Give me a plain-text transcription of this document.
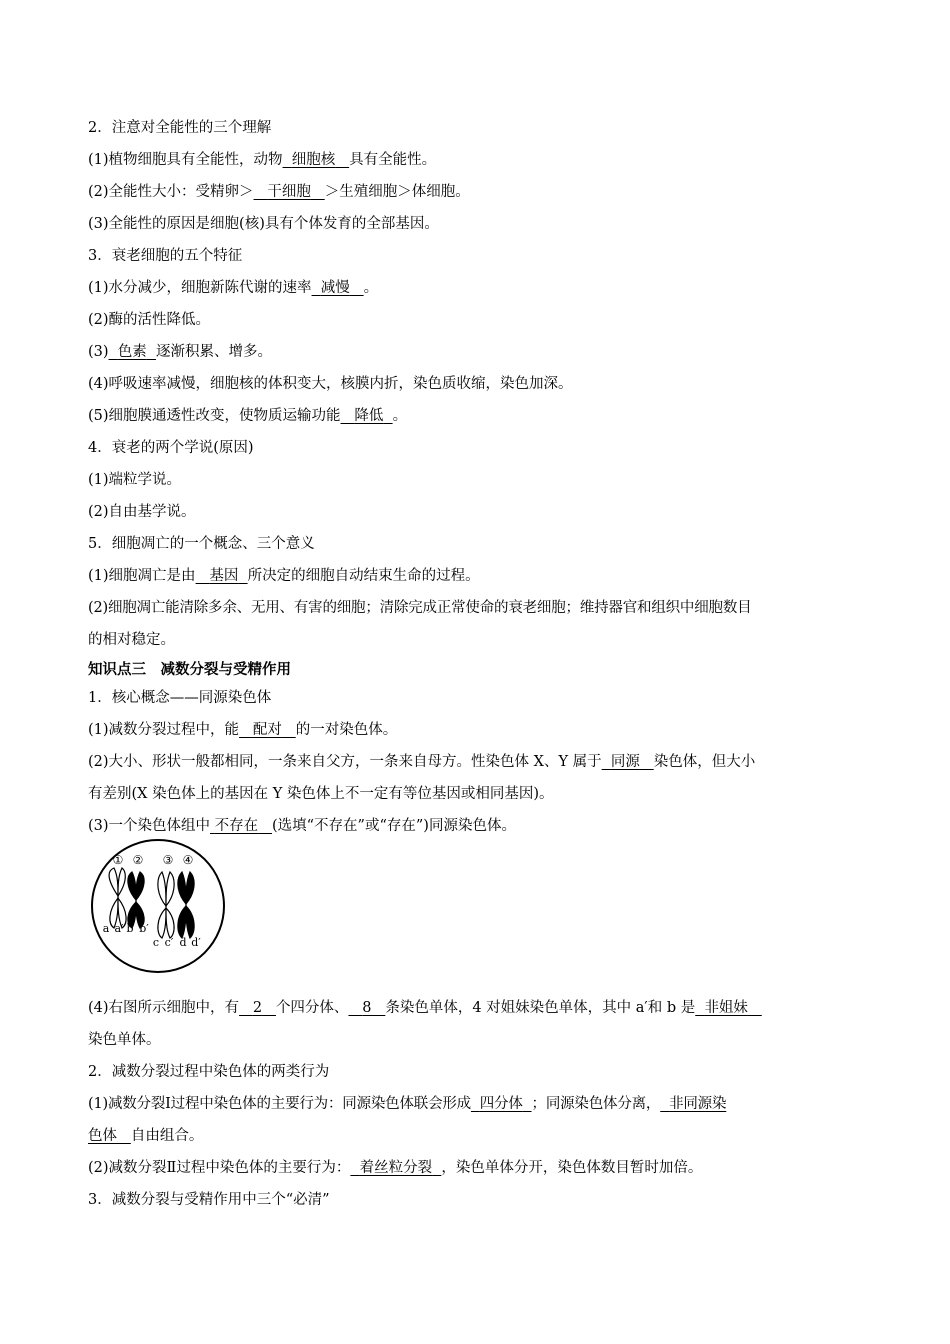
2．注意对全能性的三个理解
(1)植物细胞具有全能性，动物 细胞核 具有全能性。
(2)全能性大小：受精卵＞ 干细胞 ＞生殖细胞＞体细胞。
(3)全能性的原因是细胞(核)具有个体发育的全部基因。
3．衰老细胞的五个特征
(1)水分减少，细胞新陈代谢的速率 减慢 。
(2)酶的活性降低。
(3) 色素 逐渐积累、增多。
(4)呼吸速率减慢，细胞核的体积变大，核膜内折，染色质收缩，染色加深。
(5)细胞膜通透性改变，使物质运输功能 降低 。
4．衰老的两个学说(原因)
(1)端粒学说。
(2)自由基学说。
5．细胞凋亡的一个概念、三个意义
(1)细胞凋亡是由 基因 所决定的细胞自动结束生命的过程。
(2)细胞凋亡能清除多余、无用、有害的细胞；清除完成正常使命的衰老细胞；维持器官和组织中细胞数目
的相对稳定。
知识点三　减数分裂与受精作用
1．核心概念——同源染色体
(1)减数分裂过程中，能 配对 的一对染色体。
(2)大小、形状一般都相同，一条来自父方，一条来自母方。性染色体 X、Y 属于 同源 染色体，但大小
有差别(X 染色体上的基因在 Y 染色体上不一定有等位基因或相同基因)。
(3)一个染色体组中 不存在 (选填“不存在”或“存在”)同源染色体。
① ② ③ ④
a a′ b b′
c c′ d d′
(4)右图所示细胞中，有 2 个四分体、 8 条染色单体，4 对姐妹染色单体，其中 a′和 b 是 非姐妹
染色单体。
2．减数分裂过程中染色体的两类行为
(1)减数分裂Ⅰ过程中染色体的主要行为：同源染色体联会形成 四分体 ；同源染色体分离， 非同源染
色体 自由组合。
(2)减数分裂Ⅱ过程中染色体的主要行为： 着丝粒分裂 ，染色单体分开，染色体数目暂时加倍。
3．减数分裂与受精作用中三个“必清”
